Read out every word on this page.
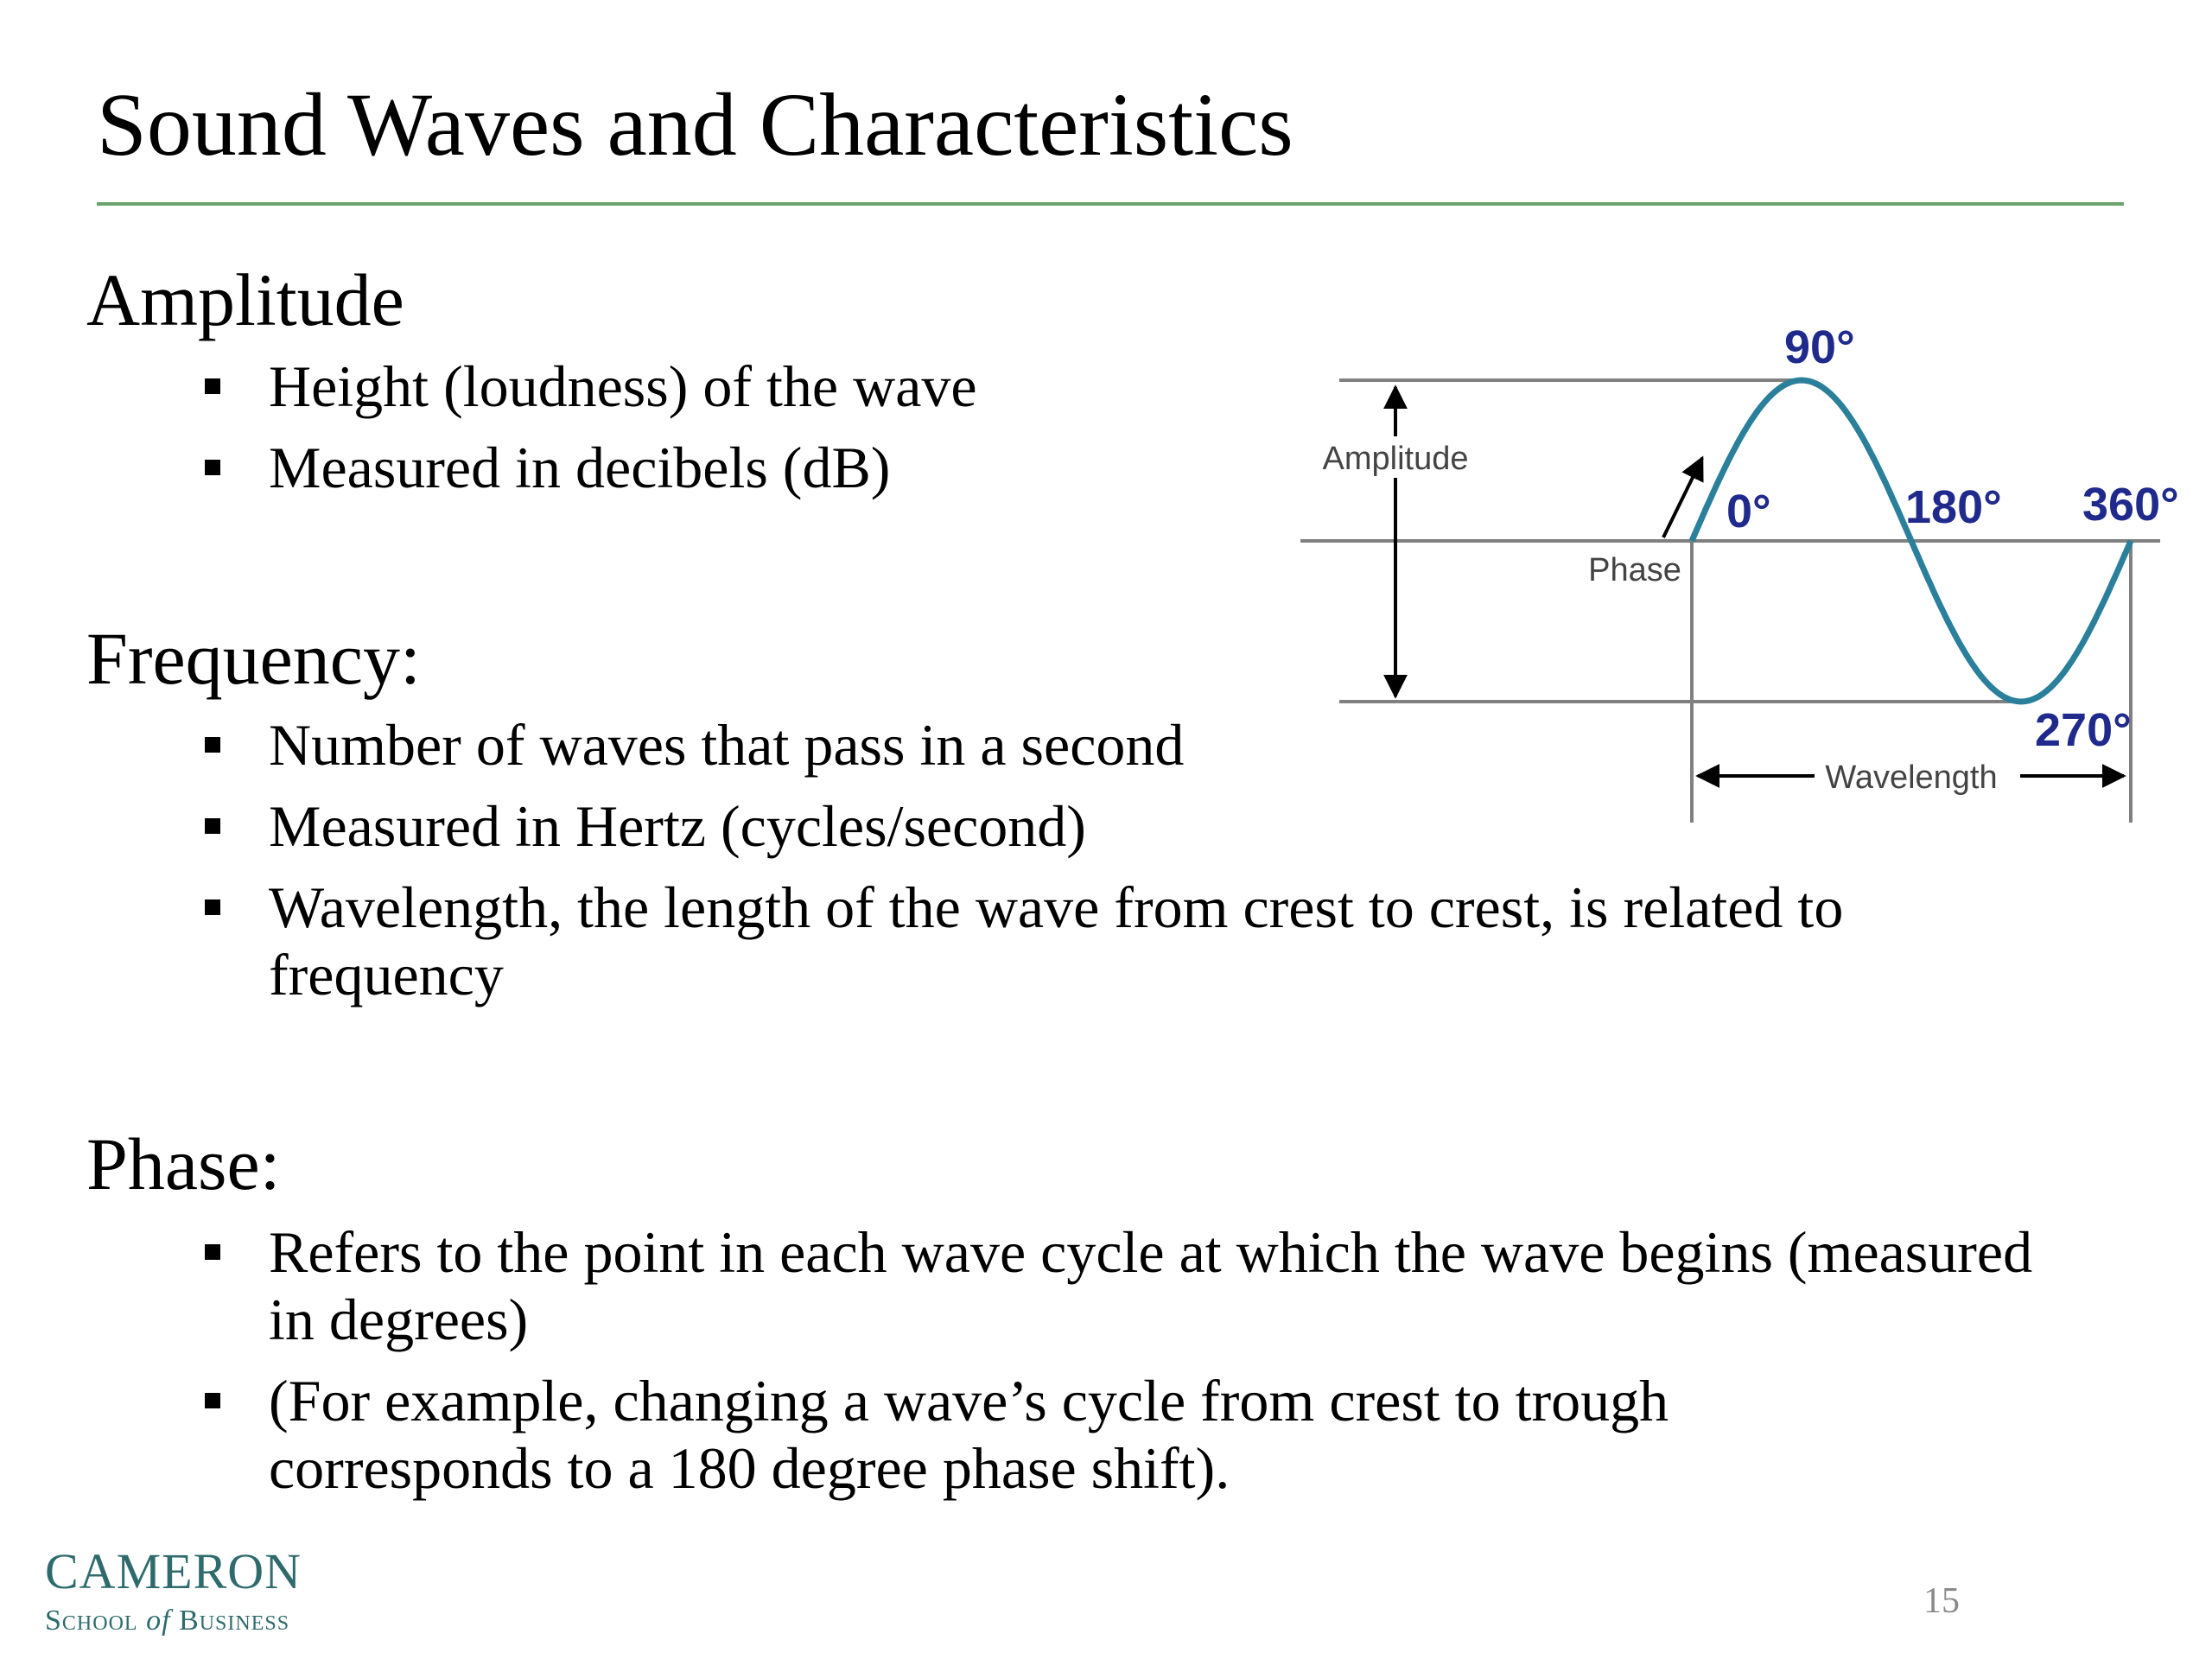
Sound Waves and Characteristics
Amplitude
Height (loudness) of the wave
Measured in decibels (dB)
Frequency:
Number of waves that pass in a second
Measured in Hertz (cycles/second)
Wavelength, the length of the wave from crest to crest, is related to frequency
Phase:
Refers to the point in each wave cycle at which the wave begins (measured in degrees)
(For example, changing a wave’s cycle from crest to trough corresponds to a 180 degree phase shift).
Amplitude
Phase
Wavelength
90°
0°	180° 360°
270°
CAMERON
School of Business	15
